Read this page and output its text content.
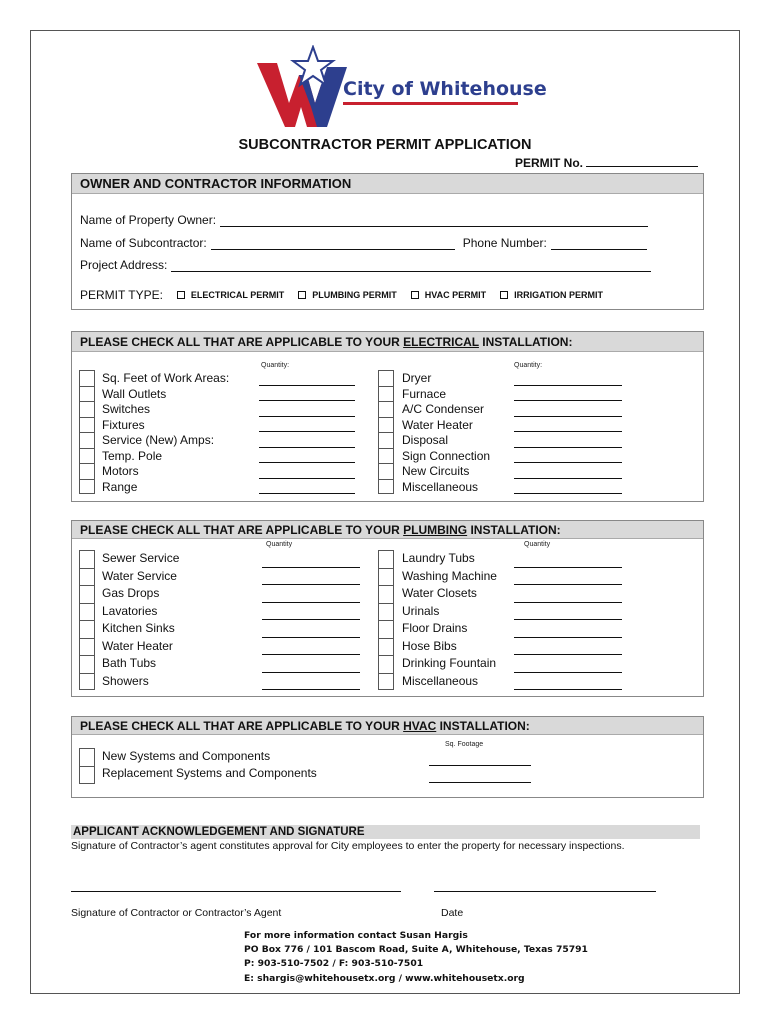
City of Whitehouse
SUBCONTRACTOR PERMIT APPLICATION
PERMIT No.
OWNER AND CONTRACTOR INFORMATION
Name of Property Owner:
Name of Subcontractor:	Phone Number:
Project Address:
PERMIT TYPE:	ELECTRICAL PERMIT	PLUMBING PERMIT	HVAC PERMIT	IRRIGATION PERMIT
PLEASE CHECK ALL THAT ARE APPLICABLE TO YOUR ELECTRICAL INSTALLATION:
Quantity:	Quantity:
Sq. Feet of Work Areas:
Wall Outlets
Switches
Fixtures
Service (New) Amps:
Temp. Pole
Motors
Range
Dryer
Furnace
A/C Condenser
Water Heater
Disposal
Sign Connection
New Circuits
Miscellaneous
PLEASE CHECK ALL THAT ARE APPLICABLE TO YOUR PLUMBING INSTALLATION:
Quantity	Quantity
Sewer Service
Water Service
Gas Drops
Lavatories
Kitchen Sinks
Water Heater
Bath Tubs
Showers
Laundry Tubs
Washing Machine
Water Closets
Urinals
Floor Drains
Hose Bibs
Drinking Fountain
Miscellaneous
PLEASE CHECK ALL THAT ARE APPLICABLE TO YOUR HVAC INSTALLATION:
Sq. Footage
New Systems and Components
Replacement Systems and Components
APPLICANT ACKNOWLEDGEMENT AND SIGNATURE
Signature of Contractor’s agent constitutes approval for City employees to enter the property for necessary inspections.
Signature of Contractor or Contractor’s Agent	Date
For more information contact Susan Hargis
PO Box 776 / 101 Bascom Road, Suite A, Whitehouse, Texas 75791
P: 903-510-7502 / F: 903-510-7501
E: shargis@whitehousetx.org / www.whitehousetx.org
